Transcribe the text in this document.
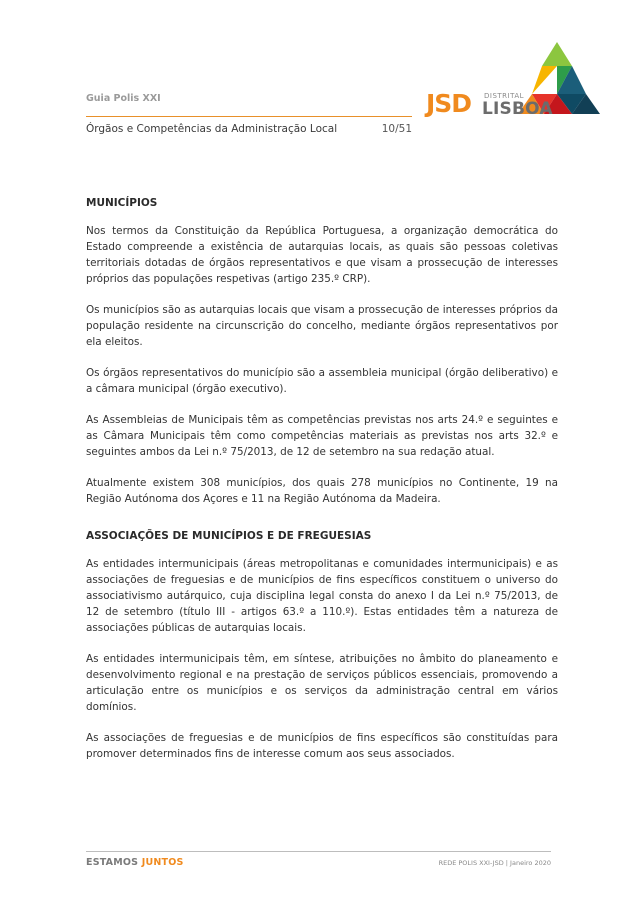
Guia Polis XXI
Órgãos e Competências da Administração Local	10/51
JSD DISTRITAL
LISBOA
MUNICÍPIOS

Nos termos da Constituição da República Portuguesa, a organização democrática do Estado compreende a existência de autarquias locais, as quais são pessoas coletivas territoriais dotadas de órgãos representativos e que visam a prossecução de interesses próprios das populações respetivas (artigo 235.º CRP).

Os municípios são as autarquias locais que visam a prossecução de interesses próprios da população residente na circunscrição do concelho, mediante órgãos representativos por ela eleitos.

Os órgãos representativos do município são a assembleia municipal (órgão deliberativo) e a câmara municipal (órgão executivo).

As Assembleias de Municipais têm as competências previstas nos arts 24.º e seguintes e as Câmara Municipais têm como competências materiais as previstas nos arts 32.º e seguintes ambos da Lei n.º 75/2013, de 12 de setembro na sua redação atual.

Atualmente existem 308 municípios, dos quais 278 municípios no Continente, 19 na Região Autónoma dos Açores e 11 na Região Autónoma da Madeira.

ASSOCIAÇÕES DE MUNICÍPIOS E DE FREGUESIAS

As entidades intermunicipais (áreas metropolitanas e comunidades intermunicipais) e as associações de freguesias e de municípios de fins específicos constituem o universo do associativismo autárquico, cuja disciplina legal consta do anexo I da Lei n.º 75/2013, de 12 de setembro (título III - artigos 63.º a 110.º). Estas entidades têm a natureza de associações públicas de autarquias locais.

As entidades intermunicipais têm, em síntese, atribuições no âmbito do planeamento e desenvolvimento regional e na prestação de serviços públicos essenciais, promovendo a articulação entre os municípios e os serviços da administração central em vários domínios.

As associações de freguesias e de municípios de fins específicos são constituídas para promover determinados fins de interesse comum aos seus associados.

ESTAMOS JUNTOS	REDE POLIS XXI-JSD | Janeiro 2020
